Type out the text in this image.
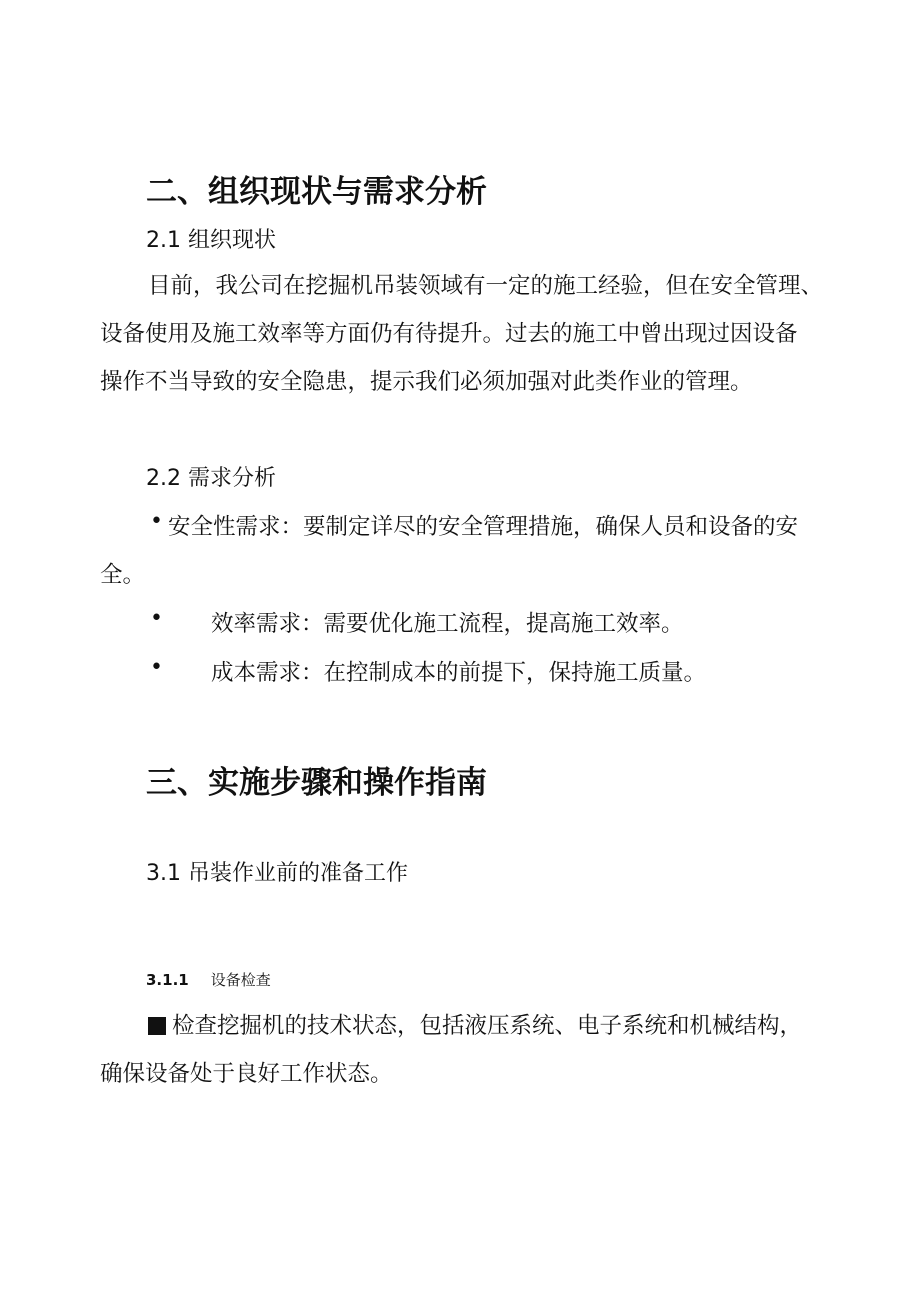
二、组织现状与需求分析
2.1 组织现状
目前，我公司在挖掘机吊装领域有一定的施工经验，但在安全管理、
设备使用及施工效率等方面仍有待提升。过去的施工中曾出现过因设备
操作不当导致的安全隐患，提示我们必须加强对此类作业的管理。
2.2 需求分析
• 安全性需求：要制定详尽的安全管理措施，确保人员和设备的安
全。
• 效率需求：需要优化施工流程，提高施工效率。
• 成本需求：在控制成本的前提下，保持施工质量。
三、实施步骤和操作指南
3.1 吊装作业前的准备工作
3.1.1 设备检查
检查挖掘机的技术状态，包括液压系统、电子系统和机械结构，
确保设备处于良好工作状态。
